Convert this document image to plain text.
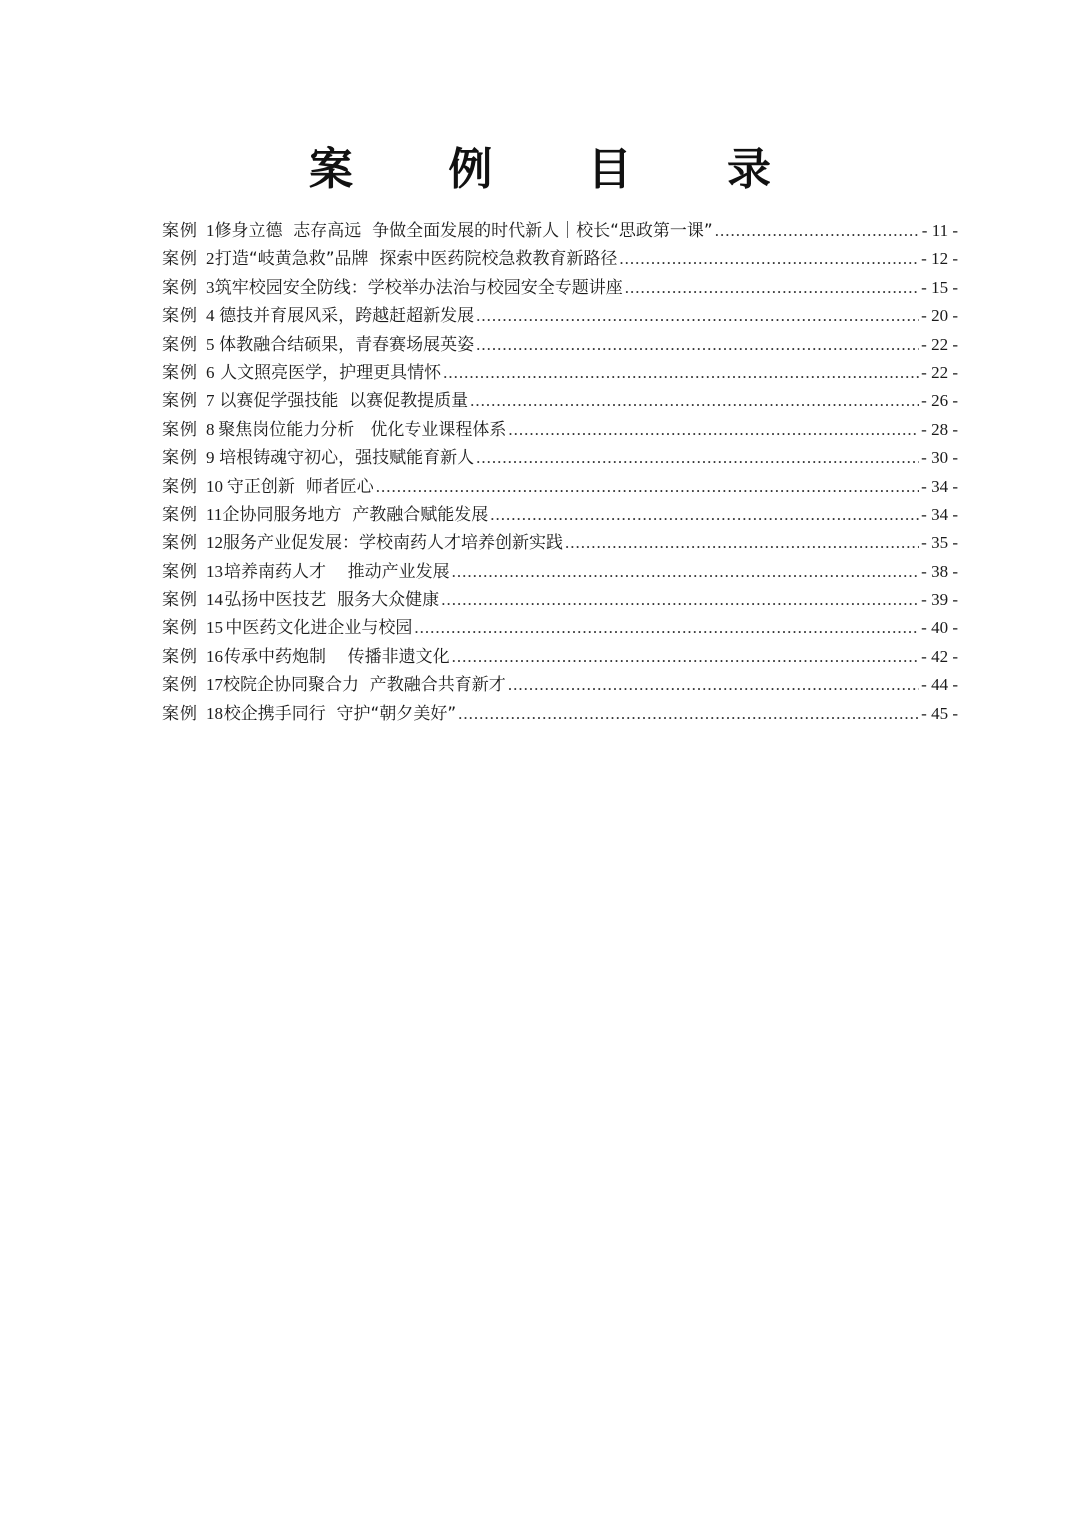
案 例 目 录
案例 1 修身立德  志存高远  争做全面发展的时代新人｜校长“思政第一课” .....	- 11 -
案例 2 打造“岐黄急救”品牌  探索中医药院校急救教育新路径 .....	- 12 -
案例 3 筑牢校园安全防线：学校举办法治与校园安全专题讲座 .....	- 15 -
案例 4 德技并育展风采，跨越赶超新发展 .....	- 20 -
案例 5 体教融合结硕果，青春赛场展英姿 .....	- 22 -
案例 6 人文照亮医学，护理更具情怀 .....	- 22 -
案例 7 以赛促学强技能  以赛促教提质量 .....	- 26 -
案例 8 聚焦岗位能力分析   优化专业课程体系 .....	- 28 -
案例 9 培根铸魂守初心，强技赋能育新人 .....	- 30 -
案例 10 守正创新  师者匠心 .....	- 34 -
案例 11 企协同服务地方  产教融合赋能发展 .....	- 34 -
案例 12 服务产业促发展：学校南药人才培养创新实践 .....	- 35 -
案例 13 培养南药人才    推动产业发展 .....	- 38 -
案例 14 弘扬中医技艺  服务大众健康 .....	- 39 -
案例 15 中医药文化进企业与校园 .....	- 40 -
案例 16 传承中药炮制    传播非遗文化 .....	- 42 -
案例 17 校院企协同聚合力  产教融合共育新才 .....	- 44 -
案例 18 校企携手同行  守护“朝夕美好” .....	- 45 -
